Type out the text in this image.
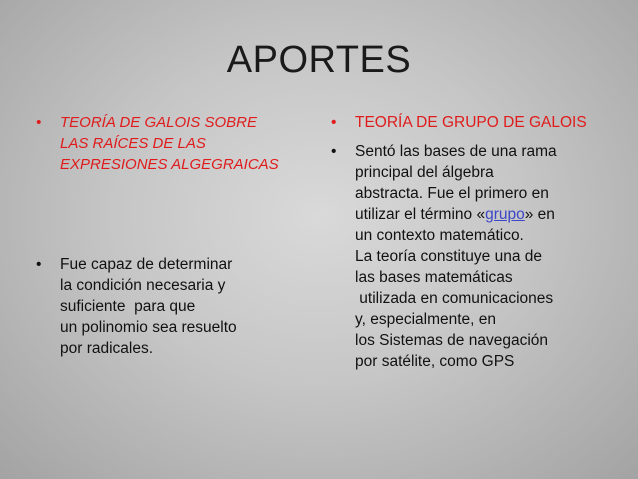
APORTES
•	TEORÍA DE GALOIS SOBRE
LAS RAÍCES DE LAS
EXPRESIONES ALGEGRAICAS
•	Fue capaz de determinar
la condición necesaria y
suficiente  para que
un polinomio sea resuelto
por radicales.
•	TEORÍA DE GRUPO DE GALOIS
•	Sentó las bases de una rama
principal del álgebra
abstracta. Fue el primero en
utilizar el término «grupo» en
un contexto matemático.
La teoría constituye una de
las bases matemáticas
utilizada en comunicaciones
y, especialmente, en
los Sistemas de navegación
por satélite, como GPS
